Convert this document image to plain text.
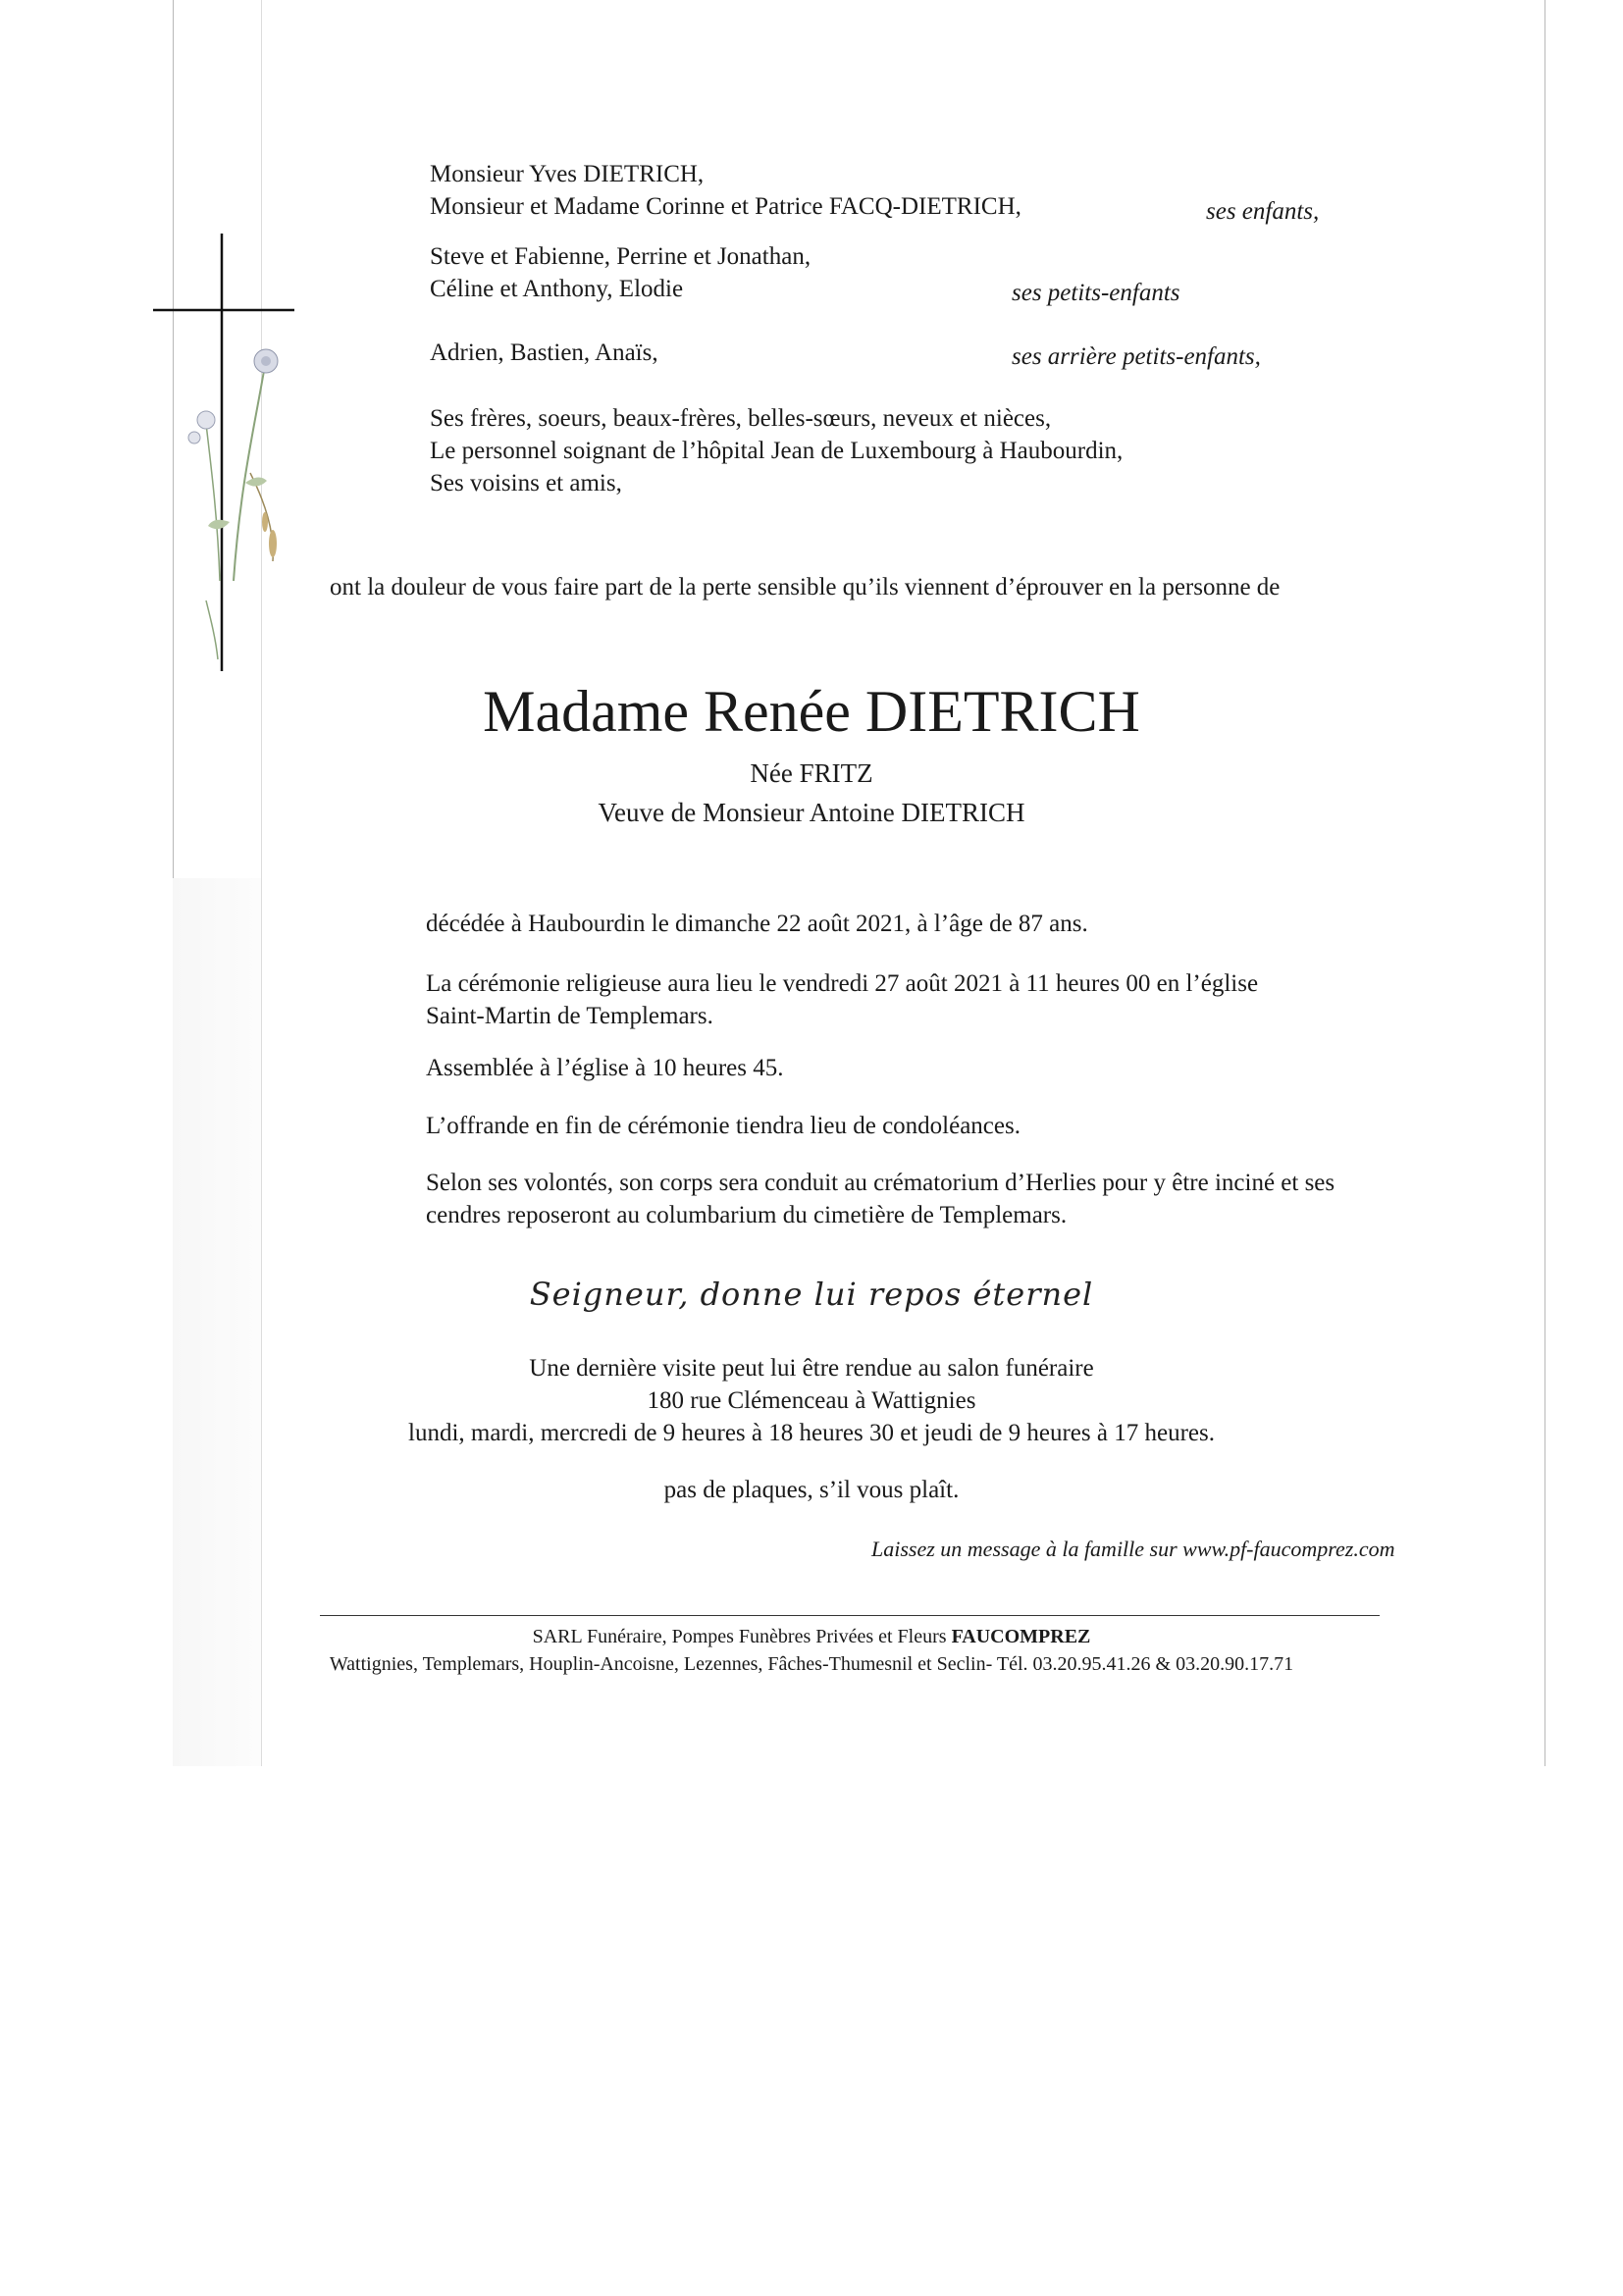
Monsieur Yves DIETRICH,
Monsieur et Madame Corinne et Patrice FACQ-DIETRICH,	ses enfants,
Steve et Fabienne, Perrine et Jonathan,
Céline et Anthony, Elodie	ses petits-enfants
Adrien, Bastien, Anaïs,	ses arrière petits-enfants,
Ses frères, soeurs, beaux-frères, belles-sœurs, neveux et nièces,
Le personnel soignant de l’hôpital Jean de Luxembourg à Haubourdin,
Ses voisins et amis,
ont la douleur de vous faire part de la perte sensible qu’ils viennent d’éprouver en la personne de
Madame Renée DIETRICH
Née FRITZ
Veuve de Monsieur Antoine DIETRICH
décédée à Haubourdin le dimanche 22 août 2021, à l’âge de 87 ans.
La cérémonie religieuse aura lieu le vendredi 27 août 2021 à 11 heures 00 en l’église
Saint-Martin de Templemars.
Assemblée à l’église à 10 heures 45.
L’offrande en fin de cérémonie tiendra lieu de condoléances.
Selon ses volontés, son corps sera conduit au crématorium d’Herlies pour y être inciné et ses
cendres reposeront au columbarium du cimetière de Templemars.
Seigneur, donne lui repos éternel
Une dernière visite peut lui être rendue au salon funéraire
180 rue Clémenceau à Wattignies
lundi, mardi, mercredi de 9 heures à 18 heures 30 et jeudi de 9 heures à 17 heures.
pas de plaques, s’il vous plaît.
Laissez un message à la famille sur www.pf-faucomprez.com
SARL Funéraire, Pompes Funèbres Privées et Fleurs FAUCOMPREZ
Wattignies, Templemars, Houplin-Ancoisne, Lezennes, Fâches-Thumesnil et Seclin- Tél. 03.20.95.41.26 & 03.20.90.17.71
